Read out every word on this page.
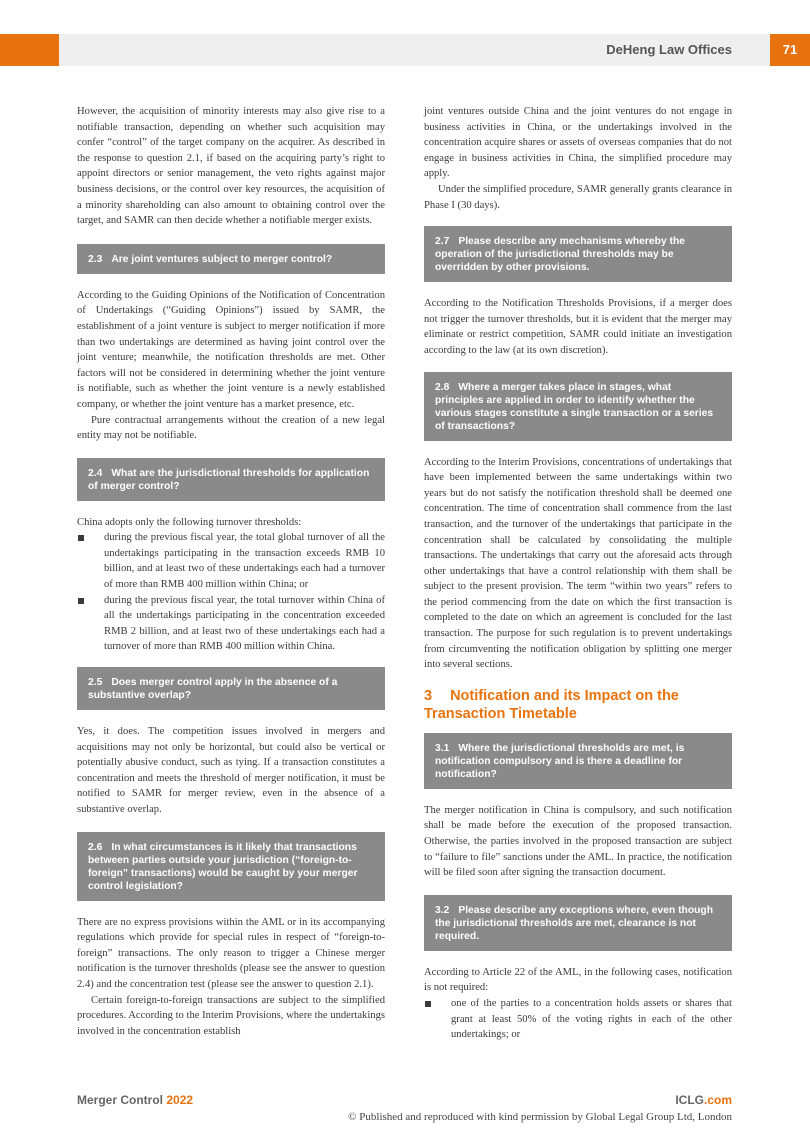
DeHeng Law Offices	71

However, the acquisition of minority interests may also give rise to a notifiable transaction, depending on whether such acquisition may confer “control” of the target company on the acquirer. As described in the response to question 2.1, if based on the acquiring party’s right to appoint directors or senior management, the veto rights against major business decisions, or the control over key resources, the acquisition of a minority shareholding can also amount to obtaining control over the target, and SAMR can then decide whether a notifiable merger exists.

2.3 Are joint ventures subject to merger control?

According to the Guiding Opinions of the Notification of Concentration of Undertakings (“Guiding Opinions”) issued by SAMR, the establishment of a joint venture is subject to merger notification if more than two undertakings are determined as having joint control over the joint venture; meanwhile, the notification thresholds are met. Other factors will not be considered in determining whether the joint venture is notifiable, such as whether the joint venture is a newly established company, or whether the joint venture has a market presence, etc.

Pure contractual arrangements without the creation of a new legal entity may not be notifiable.

2.4 What are the jurisdictional thresholds for application of merger control?

China adopts only the following turnover thresholds:

during the previous fiscal year, the total global turnover of all the undertakings participating in the transaction exceeds RMB 10 billion, and at least two of these undertakings each had a turnover of more than RMB 400 million within China; or
during the previous fiscal year, the total turnover within China of all the undertakings participating in the concentration exceeded RMB 2 billion, and at least two of these undertakings each had a turnover of more than RMB 400 million within China.
2.5 Does merger control apply in the absence of a substantive overlap?

Yes, it does. The competition issues involved in mergers and acquisitions may not only be horizontal, but could also be vertical or potentially abusive conduct, such as tying. If a transaction constitutes a concentration and meets the threshold of merger notification, it must be notified to SAMR for merger review, even in the absence of a substantive overlap.

2.6 In what circumstances is it likely that transactions between parties outside your jurisdiction (“foreign-to-foreign” transactions) would be caught by your merger control legislation?

There are no express provisions within the AML or in its accompanying regulations which provide for special rules in respect of “foreign-to-foreign” transactions. The only reason to trigger a Chinese merger notification is the turnover thresholds (please see the answer to question 2.4) and the concentration test (please see the answer to question 2.1).

Certain foreign-to-foreign transactions are subject to the simplified procedures. According to the Interim Provisions, where the undertakings involved in the concentration establish

joint ventures outside China and the joint ventures do not engage in business activities in China, or the undertakings involved in the concentration acquire shares or assets of overseas companies that do not engage in business activities in China, the simplified procedure may apply.

Under the simplified procedure, SAMR generally grants clearance in Phase I (30 days).

2.7 Please describe any mechanisms whereby the operation of the jurisdictional thresholds may be overridden by other provisions.

According to the Notification Thresholds Provisions, if a merger does not trigger the turnover thresholds, but it is evident that the merger may eliminate or restrict competition, SAMR could initiate an investigation according to the law (at its own discretion).

2.8 Where a merger takes place in stages, what principles are applied in order to identify whether the various stages constitute a single transaction or a series of transactions?

According to the Interim Provisions, concentrations of undertakings that have been implemented between the same undertakings within two years but do not satisfy the notification threshold shall be deemed one concentration. The time of concentration shall commence from the last transaction, and the turnover of the undertakings that participate in the concentration shall be calculated by consolidating the multiple transactions. The undertakings that carry out the aforesaid acts through other undertakings that have a control relationship with them shall be subject to the present provision. The term “within two years” refers to the period commencing from the date on which the first transaction is completed to the date on which an agreement is concluded for the last transaction. The purpose for such regulation is to prevent undertakings from circumventing the notification obligation by splitting one merger into several sections.

3 Notification and its Impact on the Transaction Timetable
3.1 Where the jurisdictional thresholds are met, is notification compulsory and is there a deadline for notification?

The merger notification in China is compulsory, and such notification shall be made before the execution of the proposed transaction. Otherwise, the parties involved in the proposed transaction are subject to “failure to file” sanctions under the AML. In practice, the notification will be filed soon after signing the transaction document.

3.2 Please describe any exceptions where, even though the jurisdictional thresholds are met, clearance is not required.

According to Article 22 of the AML, in the following cases, notification is not required:

one of the parties to a concentration holds assets or shares that grant at least 50% of the voting rights in each of the other undertakings; or
Merger Control 2022	ICLG.com
© Published and reproduced with kind permission by Global Legal Group Ltd, London
